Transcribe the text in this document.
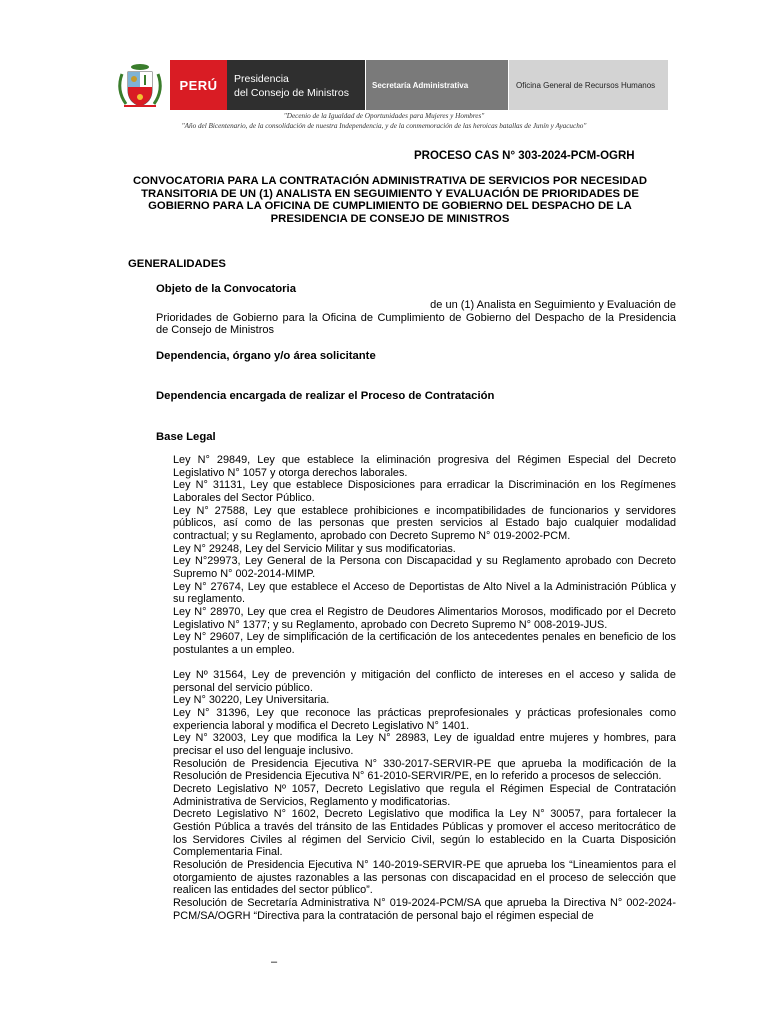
PERÚ Presidencia
del Consejo de Ministros
Secretaría Administrativa	Oficina General de Recursos Humanos
"Decenio de la Igualdad de Oportunidades para Mujeres y Hombres"
"Año del Bicentenario, de la consolidación de nuestra Independencia, y de la conmemoración de las heroicas batallas de Junín y Ayacucho"
PROCESO CAS N° 303-2024-PCM-OGRH
CONVOCATORIA PARA LA CONTRATACIÓN ADMINISTRATIVA DE SERVICIOS POR NECESIDAD TRANSITORIA DE UN (1) ANALISTA EN SEGUIMIENTO Y EVALUACIÓN DE PRIORIDADES DE GOBIERNO PARA LA OFICINA DE CUMPLIMIENTO DE GOBIERNO DEL DESPACHO DE LA PRESIDENCIA DE CONSEJO DE MINISTROS
GENERALIDADES
Objeto de la Convocatoria
de un (1) Analista en Seguimiento y Evaluación de
Prioridades de Gobierno para la Oficina de Cumplimiento de Gobierno del Despacho de la Presidencia
de Consejo de Ministros
Dependencia, órgano y/o área solicitante
Dependencia encargada de realizar el Proceso de Contratación
Base Legal

Ley N° 29849, Ley que establece la eliminación progresiva del Régimen Especial del Decreto Legislativo N° 1057 y otorga derechos laborales.

Ley N° 31131, Ley que establece Disposiciones para erradicar la Discriminación en los Regímenes Laborales del Sector Público.

Ley N° 27588, Ley que establece prohibiciones e incompatibilidades de funcionarios y servidores públicos, así como de las personas que presten servicios al Estado bajo cualquier modalidad contractual; y su Reglamento, aprobado con Decreto Supremo N° 019-2002-PCM.

Ley N° 29248, Ley del Servicio Militar y sus modificatorias.

Ley N°29973, Ley General de la Persona con Discapacidad y su Reglamento aprobado con Decreto Supremo N° 002-2014-MIMP.

Ley N° 27674, Ley que establece el Acceso de Deportistas de Alto Nivel a la Administración Pública y su reglamento.

Ley N° 28970, Ley que crea el Registro de Deudores Alimentarios Morosos, modificado por el Decreto Legislativo N° 1377; y su Reglamento, aprobado con Decreto Supremo N° 008-2019-JUS.

Ley N° 29607, Ley de simplificación de la certificación de los antecedentes penales en beneficio de los postulantes a un empleo.

Ley Nº 31564, Ley de prevención y mitigación del conflicto de intereses en el acceso y salida de personal del servicio público.

Ley N° 30220, Ley Universitaria.

Ley N° 31396, Ley que reconoce las prácticas preprofesionales y prácticas profesionales como experiencia laboral y modifica el Decreto Legislativo N° 1401.

Ley N° 32003, Ley que modifica la Ley N° 28983, Ley de igualdad entre mujeres y hombres, para precisar el uso del lenguaje inclusivo.

Resolución de Presidencia Ejecutiva N° 330-2017-SERVIR-PE que aprueba la modificación de la Resolución de Presidencia Ejecutiva N° 61-2010-SERVIR/PE, en lo referido a procesos de selección.

Decreto Legislativo Nº 1057, Decreto Legislativo que regula el Régimen Especial de Contratación Administrativa de Servicios, Reglamento y modificatorias.

Decreto Legislativo N° 1602, Decreto Legislativo que modifica la Ley N° 30057, para fortalecer la Gestión Pública a través del tránsito de las Entidades Públicas y promover el acceso meritocrático de los Servidores Civiles al régimen del Servicio Civil, según lo establecido en la Cuarta Disposición Complementaria Final.

Resolución de Presidencia Ejecutiva N° 140-2019-SERVIR-PE que aprueba los “Lineamientos para el otorgamiento de ajustes razonables a las personas con discapacidad en el proceso de selección que realicen las entidades del sector público”.

Resolución de Secretaría Administrativa N° 019-2024-PCM/SA que aprueba la Directiva N° 002-2024-PCM/SA/OGRH “Directiva para la contratación de personal bajo el régimen especial de

–
